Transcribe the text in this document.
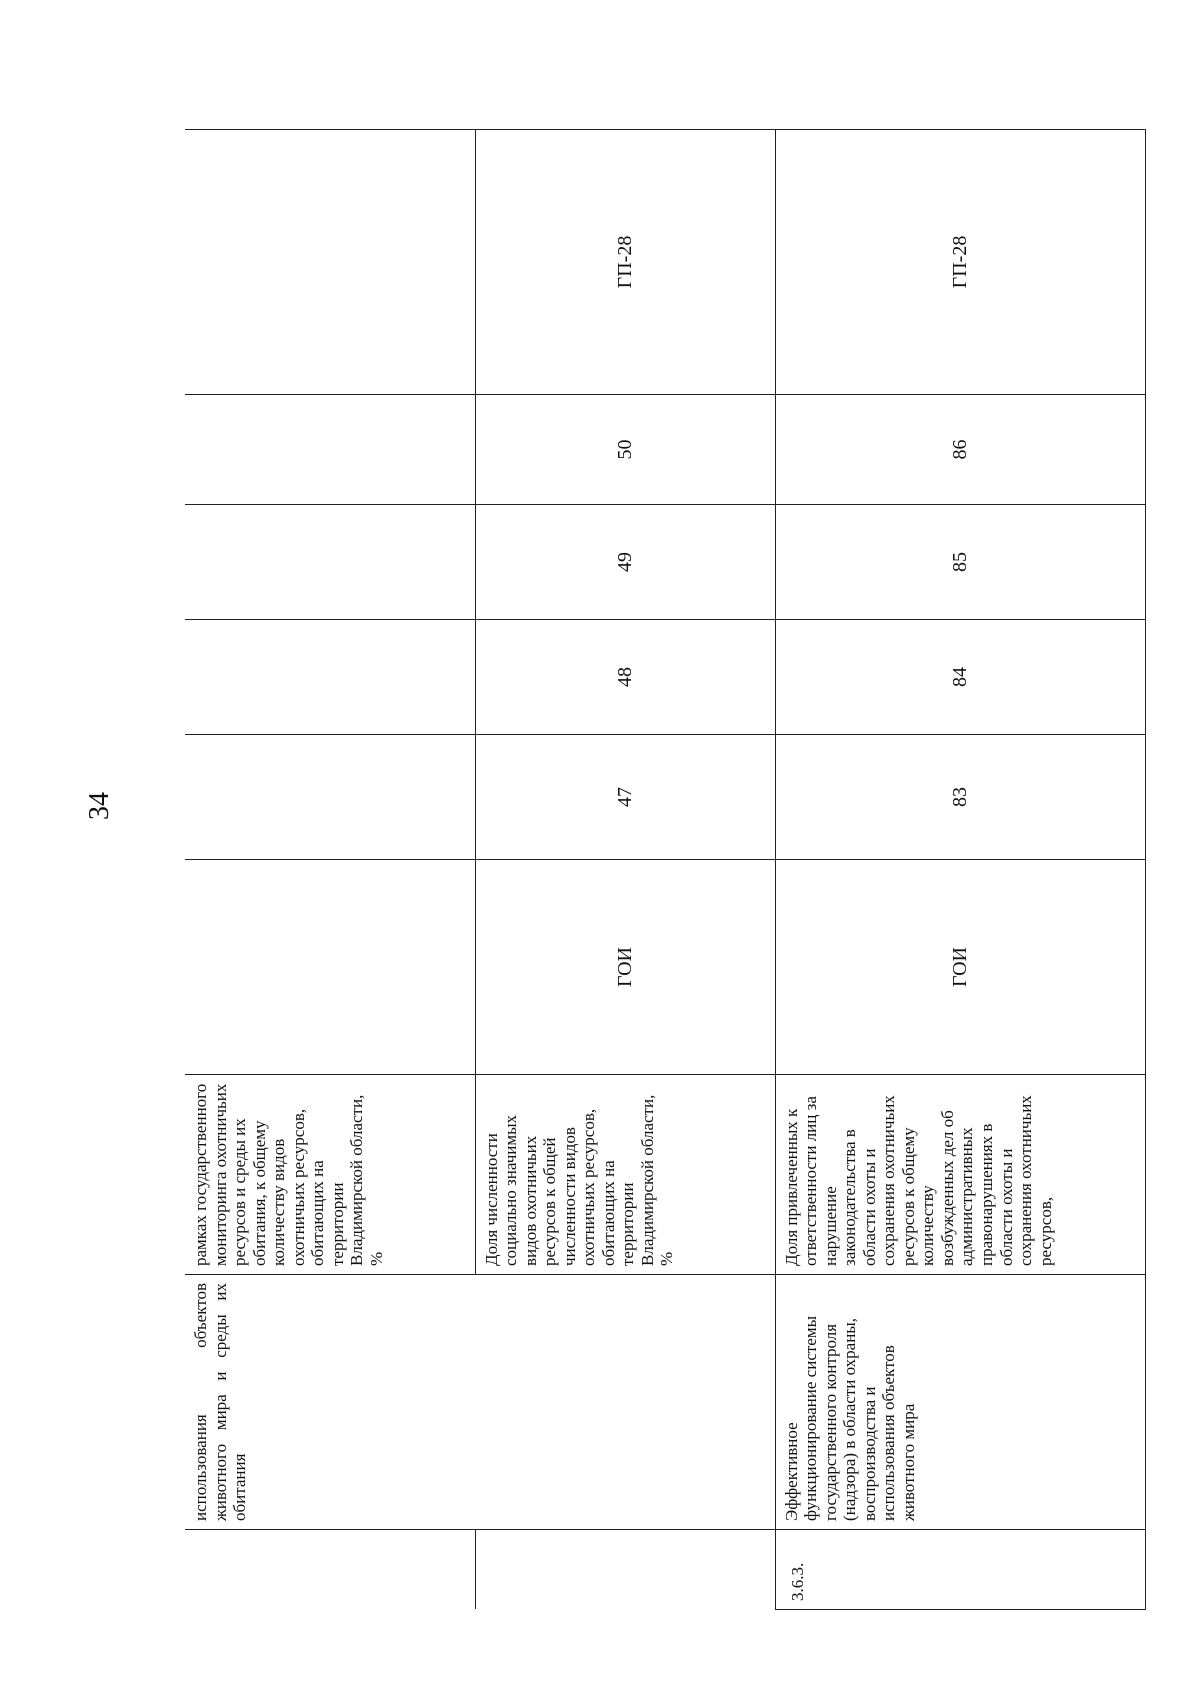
34
	использования объектов животного мира и среды их обитания	рамках государственного мониторинга охотничьих ресурсов и среды их обитания, к общему количеству видов охотничьих ресурсов, обитающих на территории Владимирской области, %						
		Доля численности социально значимых видов охотничьих ресурсов к общей численности видов охотничьих ресурсов, обитающих на территории Владимирской области, %	ГОИ	47	48	49	50	ГП-28
3.6.3.	Эффективное функционирование системы государственного контроля (надзора) в области охраны, воспроизводства и использования объектов животного мира	Доля привлеченных к ответственности лиц за нарушение законодательства в области охоты и сохранения охотничьих ресурсов к общему количеству возбужденных дел об административных правонарушениях в области охоты и сохранения охотничьих ресурсов,	ГОИ	83	84	85	86	ГП-28
